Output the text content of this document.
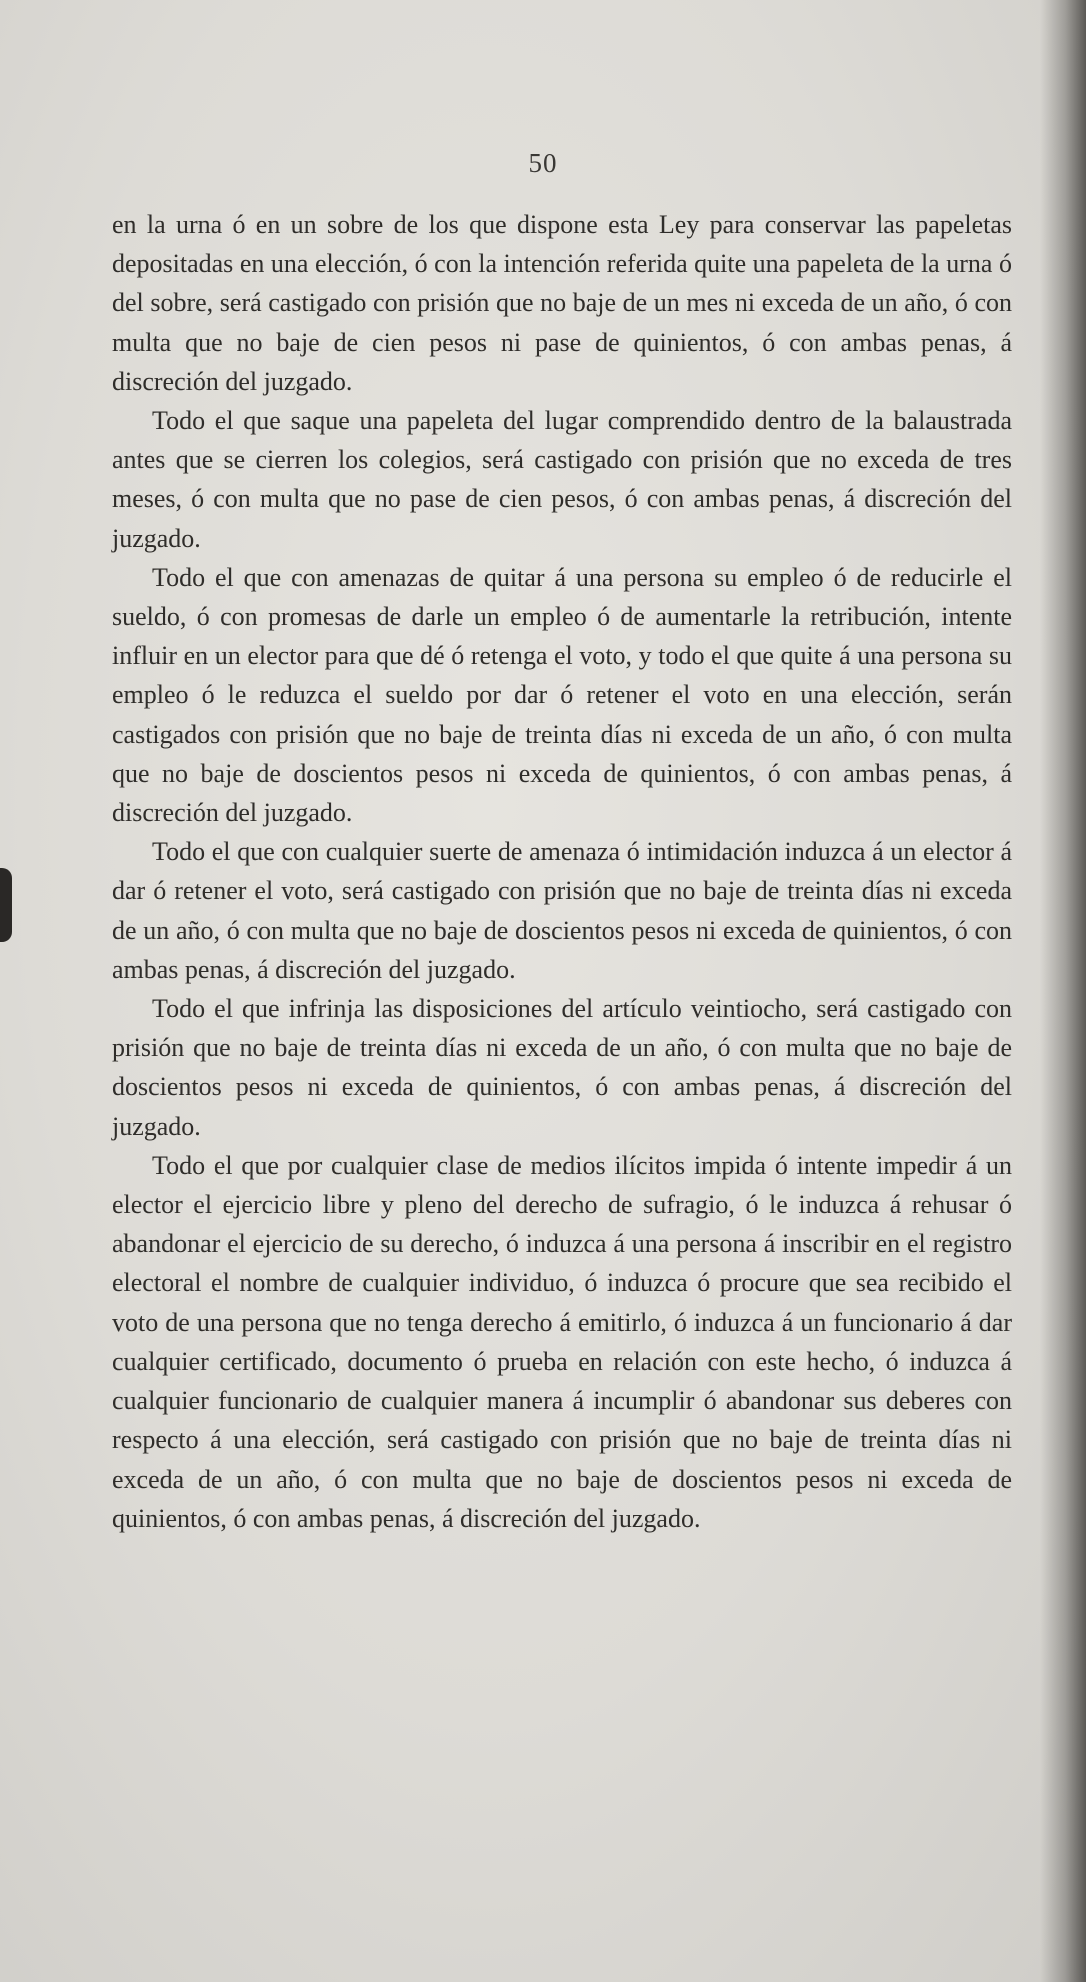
50

en la urna ó en un sobre de los que dispone esta Ley para conservar las papeletas depositadas en una elección, ó con la intención referida quite una papeleta de la urna ó del sobre, será castigado con prisión que no baje de un mes ni exceda de un año, ó con multa que no baje de cien pesos ni pase de quinientos, ó con ambas penas, á discreción del juzgado.

Todo el que saque una papeleta del lugar comprendido dentro de la balaustrada antes que se cierren los colegios, será castigado con prisión que no exceda de tres meses, ó con multa que no pase de cien pesos, ó con ambas penas, á discreción del juzgado.

Todo el que con amenazas de quitar á una persona su empleo ó de reducirle el sueldo, ó con promesas de darle un empleo ó de aumentarle la retribución, intente influir en un elector para que dé ó retenga el voto, y todo el que quite á una persona su empleo ó le reduzca el sueldo por dar ó retener el voto en una elección, serán castigados con prisión que no baje de treinta días ni exceda de un año, ó con multa que no baje de doscientos pesos ni exceda de quinientos, ó con ambas penas, á discreción del juzgado.

Todo el que con cualquier suerte de amenaza ó intimidación induzca á un elector á dar ó retener el voto, será castigado con prisión que no baje de treinta días ni exceda de un año, ó con multa que no baje de doscientos pesos ni exceda de quinientos, ó con ambas penas, á discreción del juzgado.

Todo el que infrinja las disposiciones del artículo veintiocho, será castigado con prisión que no baje de treinta días ni exceda de un año, ó con multa que no baje de doscientos pesos ni exceda de quinientos, ó con ambas penas, á discreción del juzgado.

Todo el que por cualquier clase de medios ilícitos impida ó intente impedir á un elector el ejercicio libre y pleno del derecho de sufragio, ó le induzca á rehusar ó abandonar el ejercicio de su derecho, ó induzca á una persona á inscribir en el registro electoral el nombre de cualquier individuo, ó induzca ó procure que sea recibido el voto de una persona que no tenga derecho á emitirlo, ó induzca á un funcionario á dar cualquier certificado, documento ó prueba en relación con este hecho, ó induzca á cualquier funcionario de cualquier manera á incumplir ó abandonar sus deberes con respecto á una elección, será castigado con prisión que no baje de treinta días ni exceda de un año, ó con multa que no baje de doscientos pesos ni exceda de quinientos, ó con ambas penas, á discreción del juzgado.
